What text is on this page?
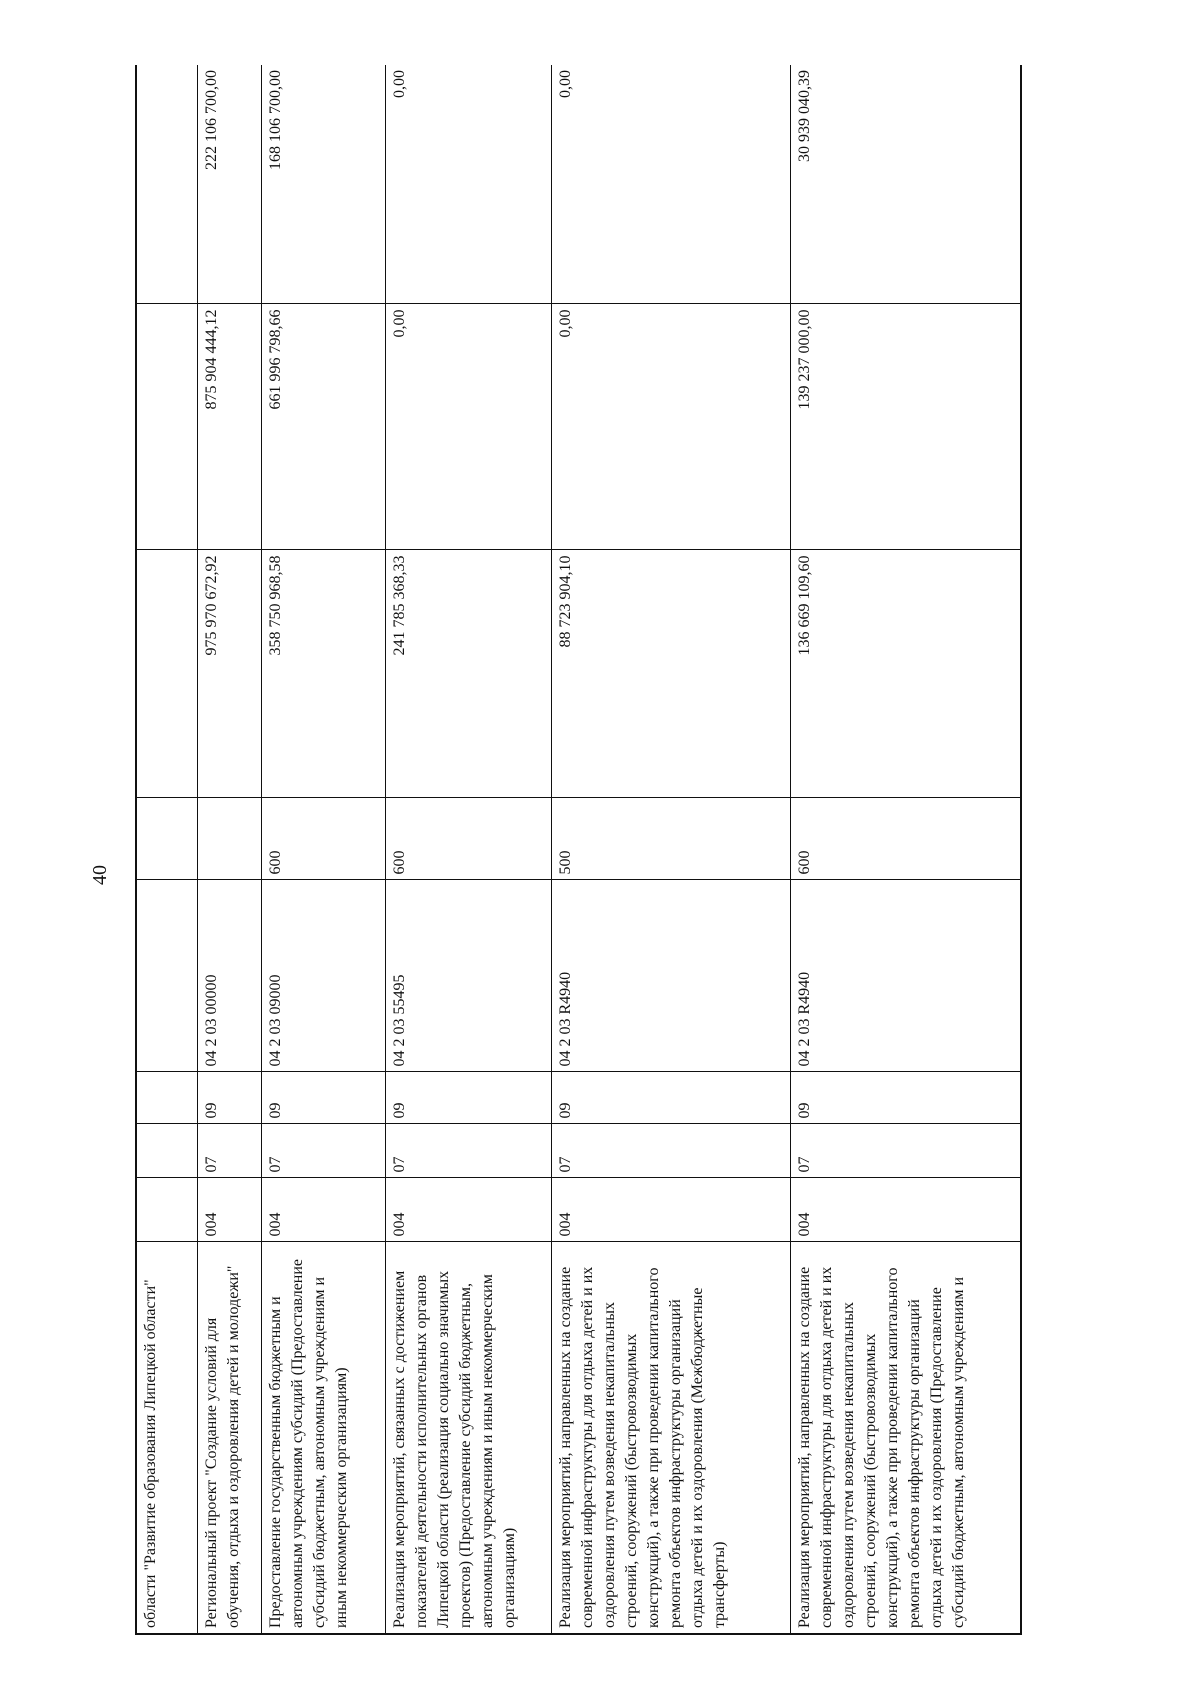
40
области "Развитие образования Липецкой области"								
Региональный проект "Создание условий для обучения, отдыха и оздоровления детей и молодежи"	004	07	09	04 2 03 00000		975 970 672,92	875 904 444,12	222 106 700,00
Предоставление государственным бюджетным и автономным учреждениям субсидий (Предоставление субсидий бюджетным, автономным учреждениям и иным некоммерческим организациям)	004	07	09	04 2 03 09000	600	358 750 968,58	661 996 798,66	168 106 700,00
Реализация мероприятий, связанных с достижением показателей деятельности исполнительных органов Липецкой области (реализация социально значимых проектов) (Предоставление субсидий бюджетным, автономным учреждениям и иным некоммерческим организациям)	004	07	09	04 2 03 55495	600	241 785 368,33	0,00	0,00
Реализация мероприятий, направленных на создание современной инфраструктуры для отдыха детей и их оздоровления путем возведения некапитальных строений, сооружений (быстровозводимых конструкций), а также при проведении капитального ремонта объектов инфраструктуры организаций отдыха детей и их оздоровления (Межбюджетные трансферты)	004	07	09	04 2 03 R4940	500	88 723 904,10	0,00	0,00
Реализация мероприятий, направленных на создание современной инфраструктуры для отдыха детей и их оздоровления путем возведения некапитальных строений, сооружений (быстровозводимых конструкций), а также при проведении капитального ремонта объектов инфраструктуры организаций отдыха детей и их оздоровления (Предоставление субсидий бюджетным, автономным учреждениям и	004	07	09	04 2 03 R4940	600	136 669 109,60	139 237 000,00	30 939 040,39
